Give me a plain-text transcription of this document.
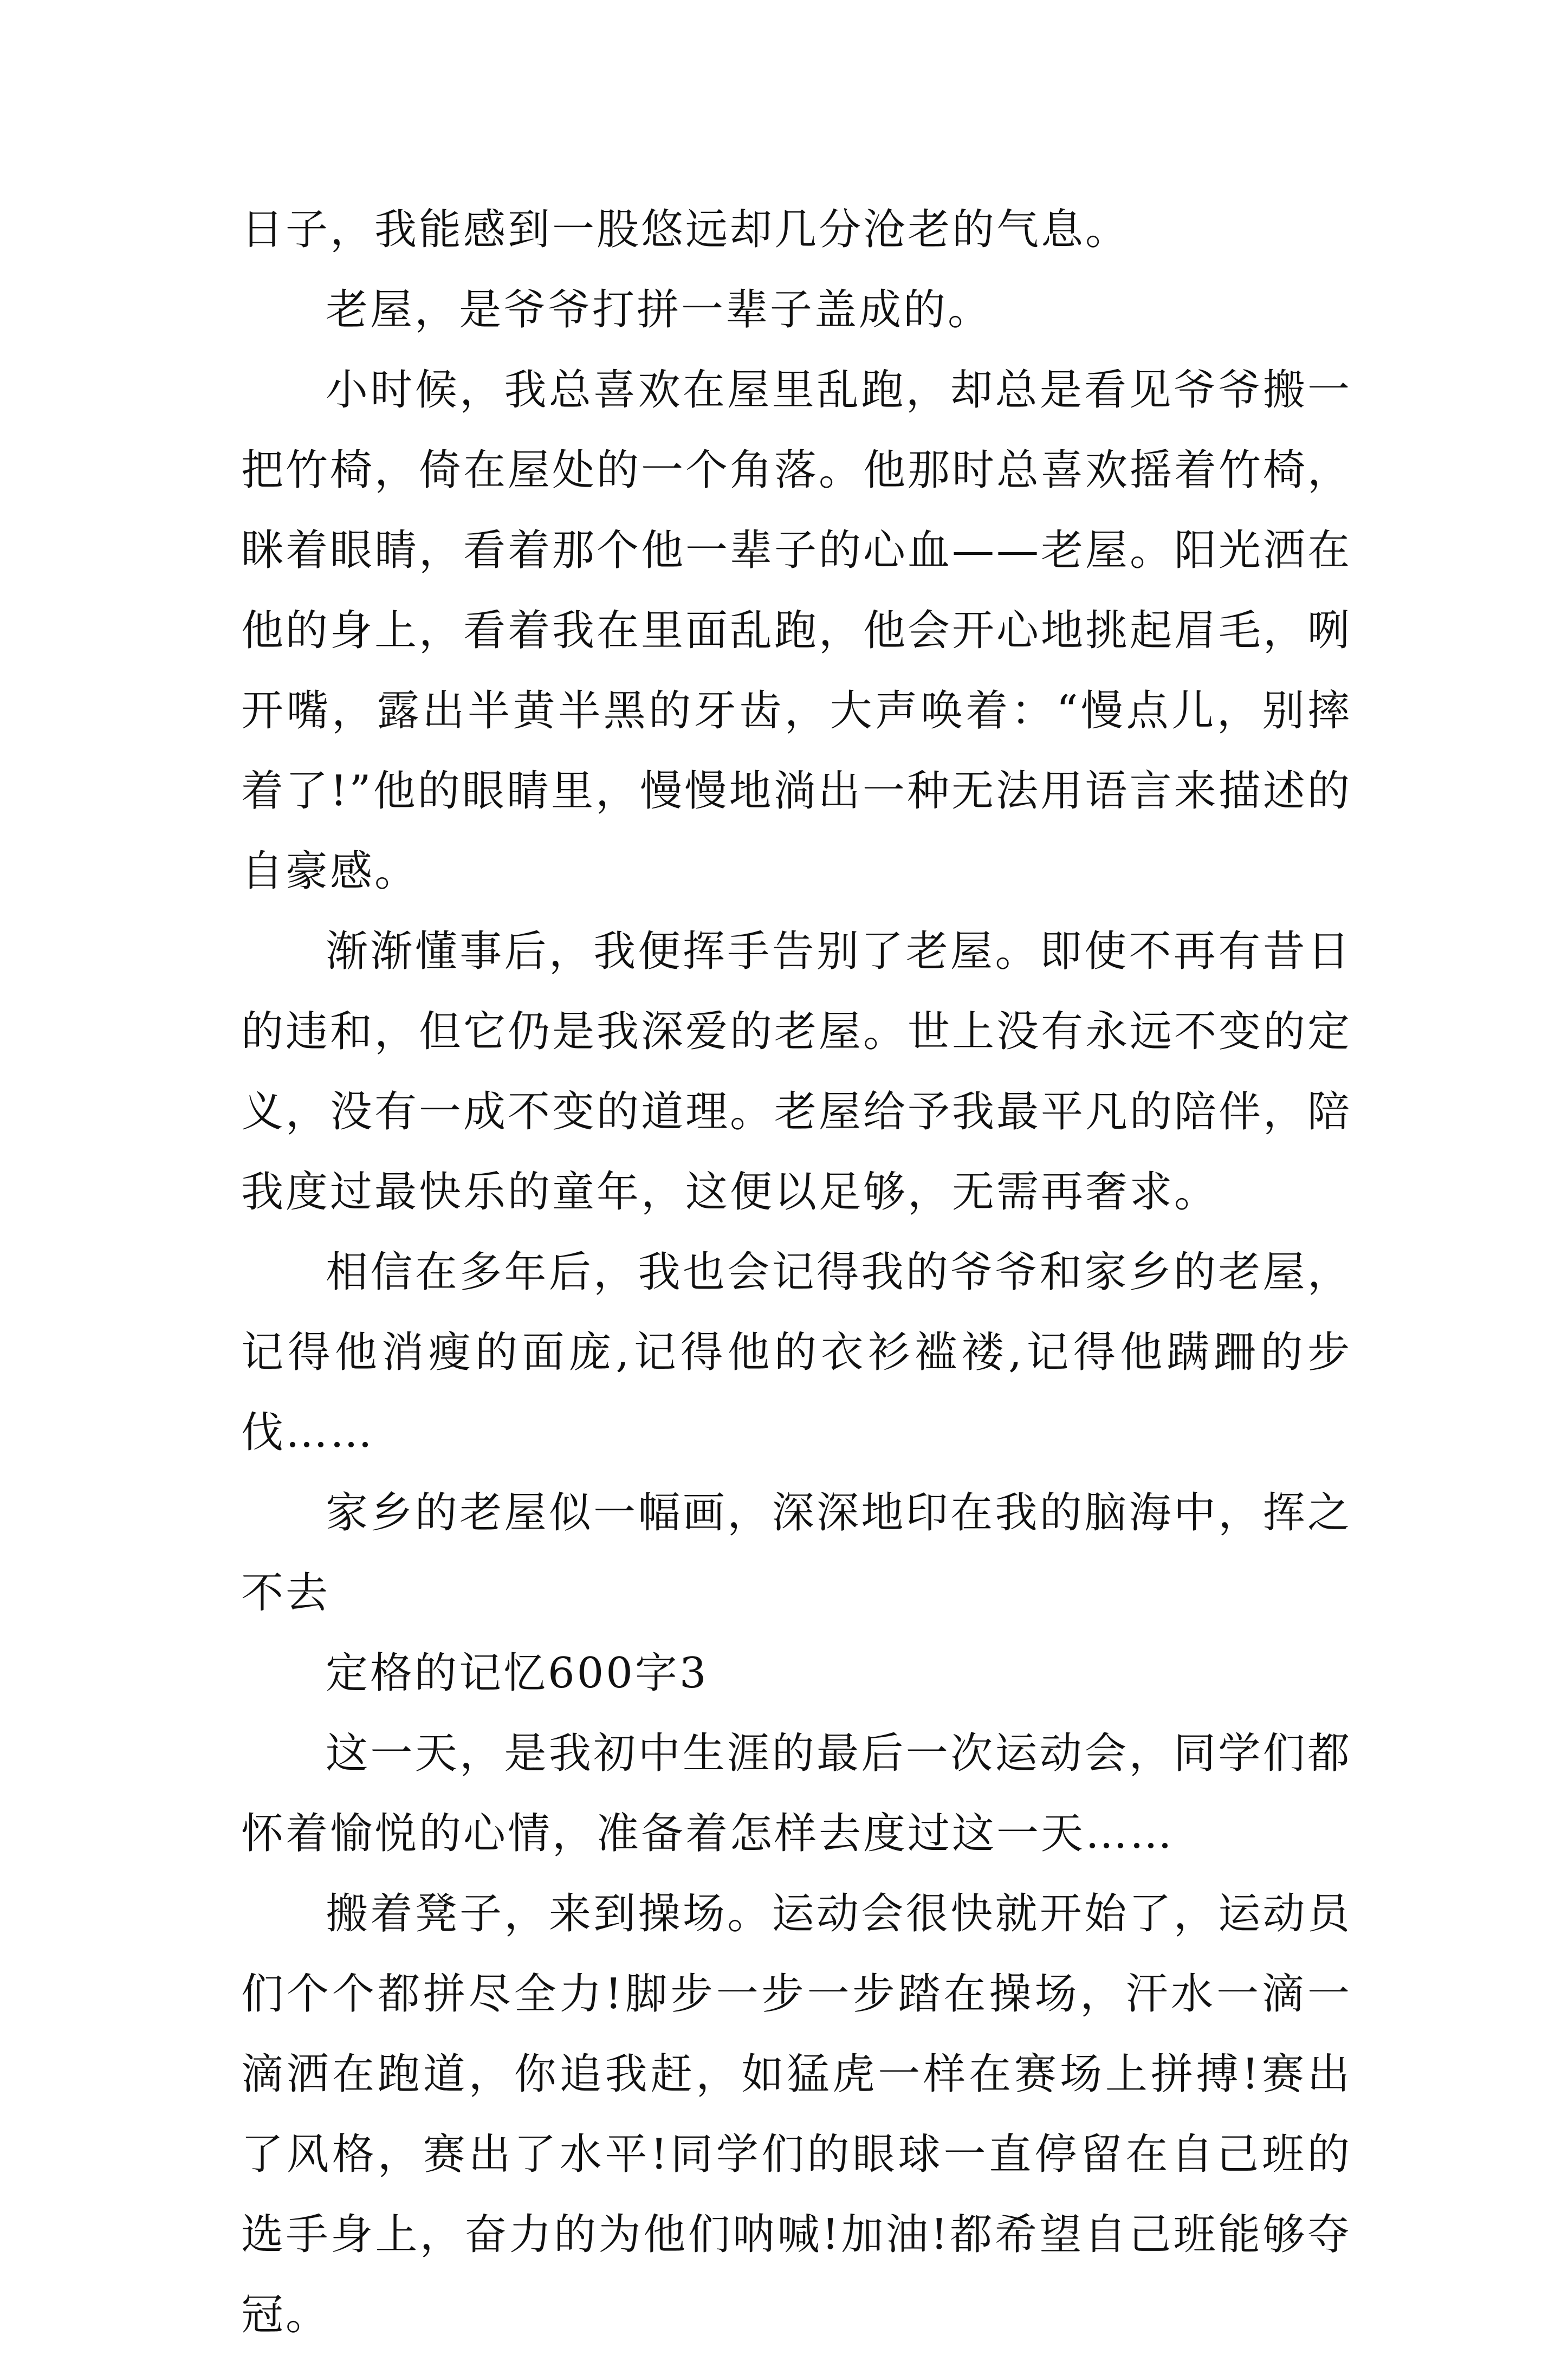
日子，我能感到一股悠远却几分沧老的气息。

老屋，是爷爷打拼一辈子盖成的。

小时候，我总喜欢在屋里乱跑，却总是看见爷爷搬一把竹椅，倚在屋处的一个角落。他那时总喜欢摇着竹椅，眯着眼睛，看着那个他一辈子的心血——老屋。阳光洒在他的身上，看着我在里面乱跑，他会开心地挑起眉毛，咧开嘴，露出半黄半黑的牙齿，大声唤着：“慢点儿，别摔着了!”他的眼睛里，慢慢地淌出一种无法用语言来描述的自豪感。

渐渐懂事后，我便挥手告别了老屋。即使不再有昔日的违和，但它仍是我深爱的老屋。世上没有永远不变的定义，没有一成不变的道理。老屋给予我最平凡的陪伴，陪我度过最快乐的童年，这便以足够，无需再奢求。

相信在多年后，我也会记得我的爷爷和家乡的老屋，记得他消瘦的面庞,记得他的衣衫褴褛,记得他蹒跚的步伐……

家乡的老屋似一幅画，深深地印在我的脑海中，挥之不去

定格的记忆600字3

这一天，是我初中生涯的最后一次运动会，同学们都怀着愉悦的心情，准备着怎样去度过这一天……

搬着凳子，来到操场。运动会很快就开始了，运动员们个个都拼尽全力!脚步一步一步踏在操场，汗水一滴一滴洒在跑道，你追我赶，如猛虎一样在赛场上拼搏!赛出了风格，赛出了水平!同学们的眼球一直停留在自己班的选手身上，奋力的为他们呐喊!加油!都希望自己班能够夺冠。
